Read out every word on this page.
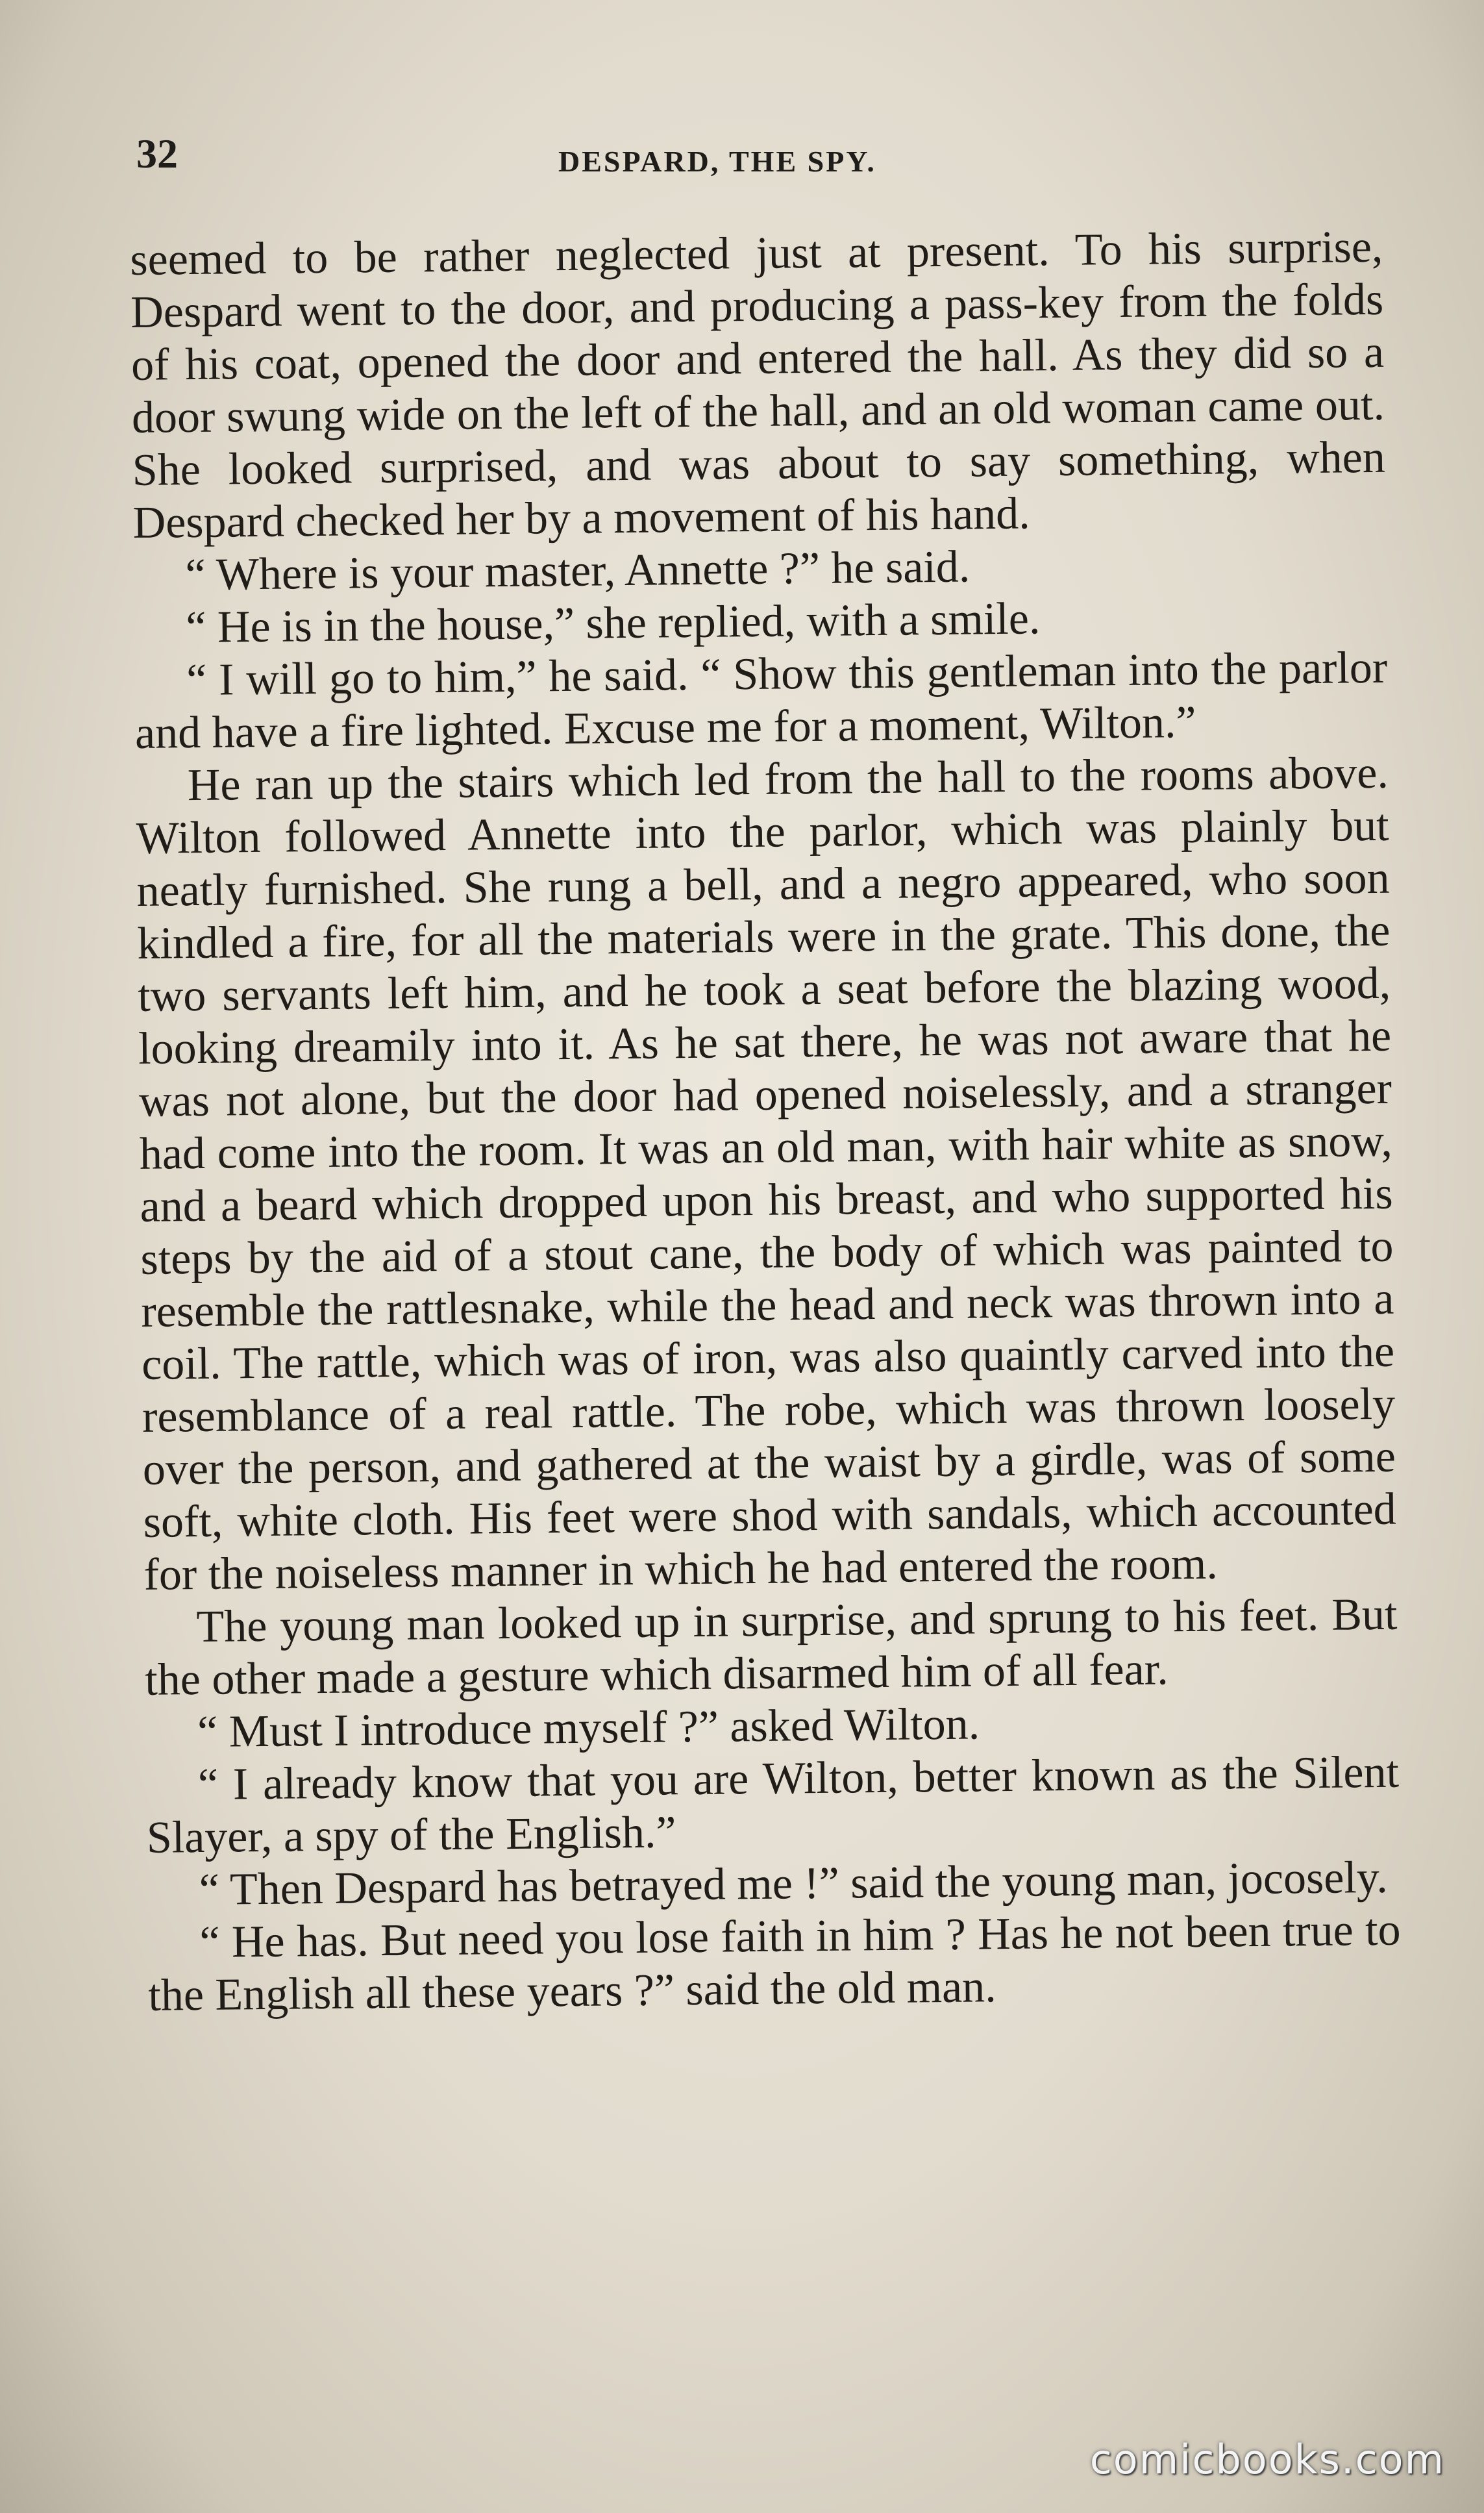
32	DESPARD, THE SPY.

seemed to be rather neglected just at present. To his surprise, Despard went to the door, and producing a pass-key from the folds of his coat, opened the door and entered the hall. As they did so a door swung wide on the left of the hall, and an old woman came out. She looked surprised, and was about to say something, when Despard checked her by a movement of his hand.

“ Where is your master, Annette ?” he said.

“ He is in the house,” she replied, with a smile.

“ I will go to him,” he said. “ Show this gentleman into the parlor and have a fire lighted. Excuse me for a moment, Wilton.”

He ran up the stairs which led from the hall to the rooms above. Wilton followed Annette into the parlor, which was plainly but neatly furnished. She rung a bell, and a negro appeared, who soon kindled a fire, for all the materials were in the grate. This done, the two servants left him, and he took a seat before the blazing wood, looking dreamily into it. As he sat there, he was not aware that he was not alone, but the door had opened noiselessly, and a stranger had come into the room. It was an old man, with hair white as snow, and a beard which dropped upon his breast, and who supported his steps by the aid of a stout cane, the body of which was painted to resemble the rattlesnake, while the head and neck was thrown into a coil. The rattle, which was of iron, was also quaintly carved into the resemblance of a real rattle. The robe, which was thrown loosely over the person, and gathered at the waist by a girdle, was of some soft, white cloth. His feet were shod with sandals, which accounted for the noiseless manner in which he had entered the room.

The young man looked up in surprise, and sprung to his feet. But the other made a gesture which disarmed him of all fear.

“ Must I introduce myself ?” asked Wilton.

“ I already know that you are Wilton, better known as the Silent Slayer, a spy of the English.”

“ Then Despard has betrayed me !” said the young man, jocosely.

“ He has. But need you lose faith in him ? Has he not been true to the English all these years ?” said the old man.

comicbooks.com
